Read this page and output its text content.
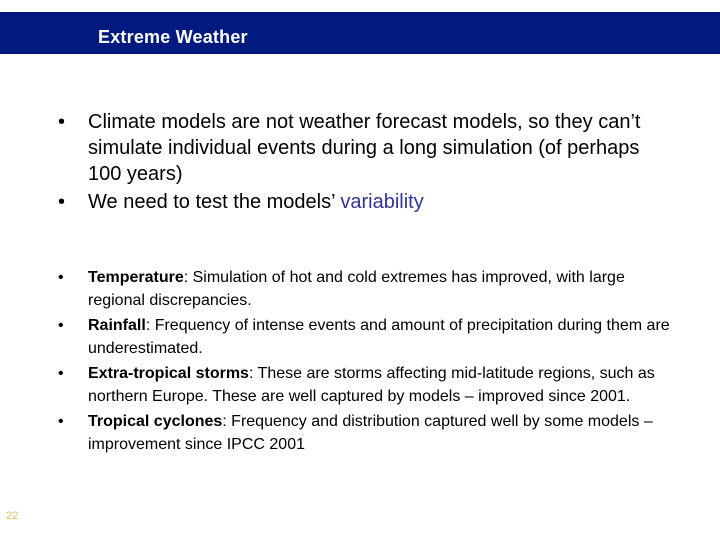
Extreme Weather
• Climate models are not weather forecast models, so they can’t simulate individual events during a long simulation (of perhaps 100 years)
• We need to test the models’ variability
• Temperature: Simulation of hot and cold extremes has improved, with large regional discrepancies.
• Rainfall: Frequency of intense events and amount of precipitation during them are underestimated.
• Extra-tropical storms: These are storms affecting mid-latitude regions, such as northern Europe. These are well captured by models – improved since 2001.
• Tropical cyclones: Frequency and distribution captured well by some models – improvement since IPCC 2001
22
